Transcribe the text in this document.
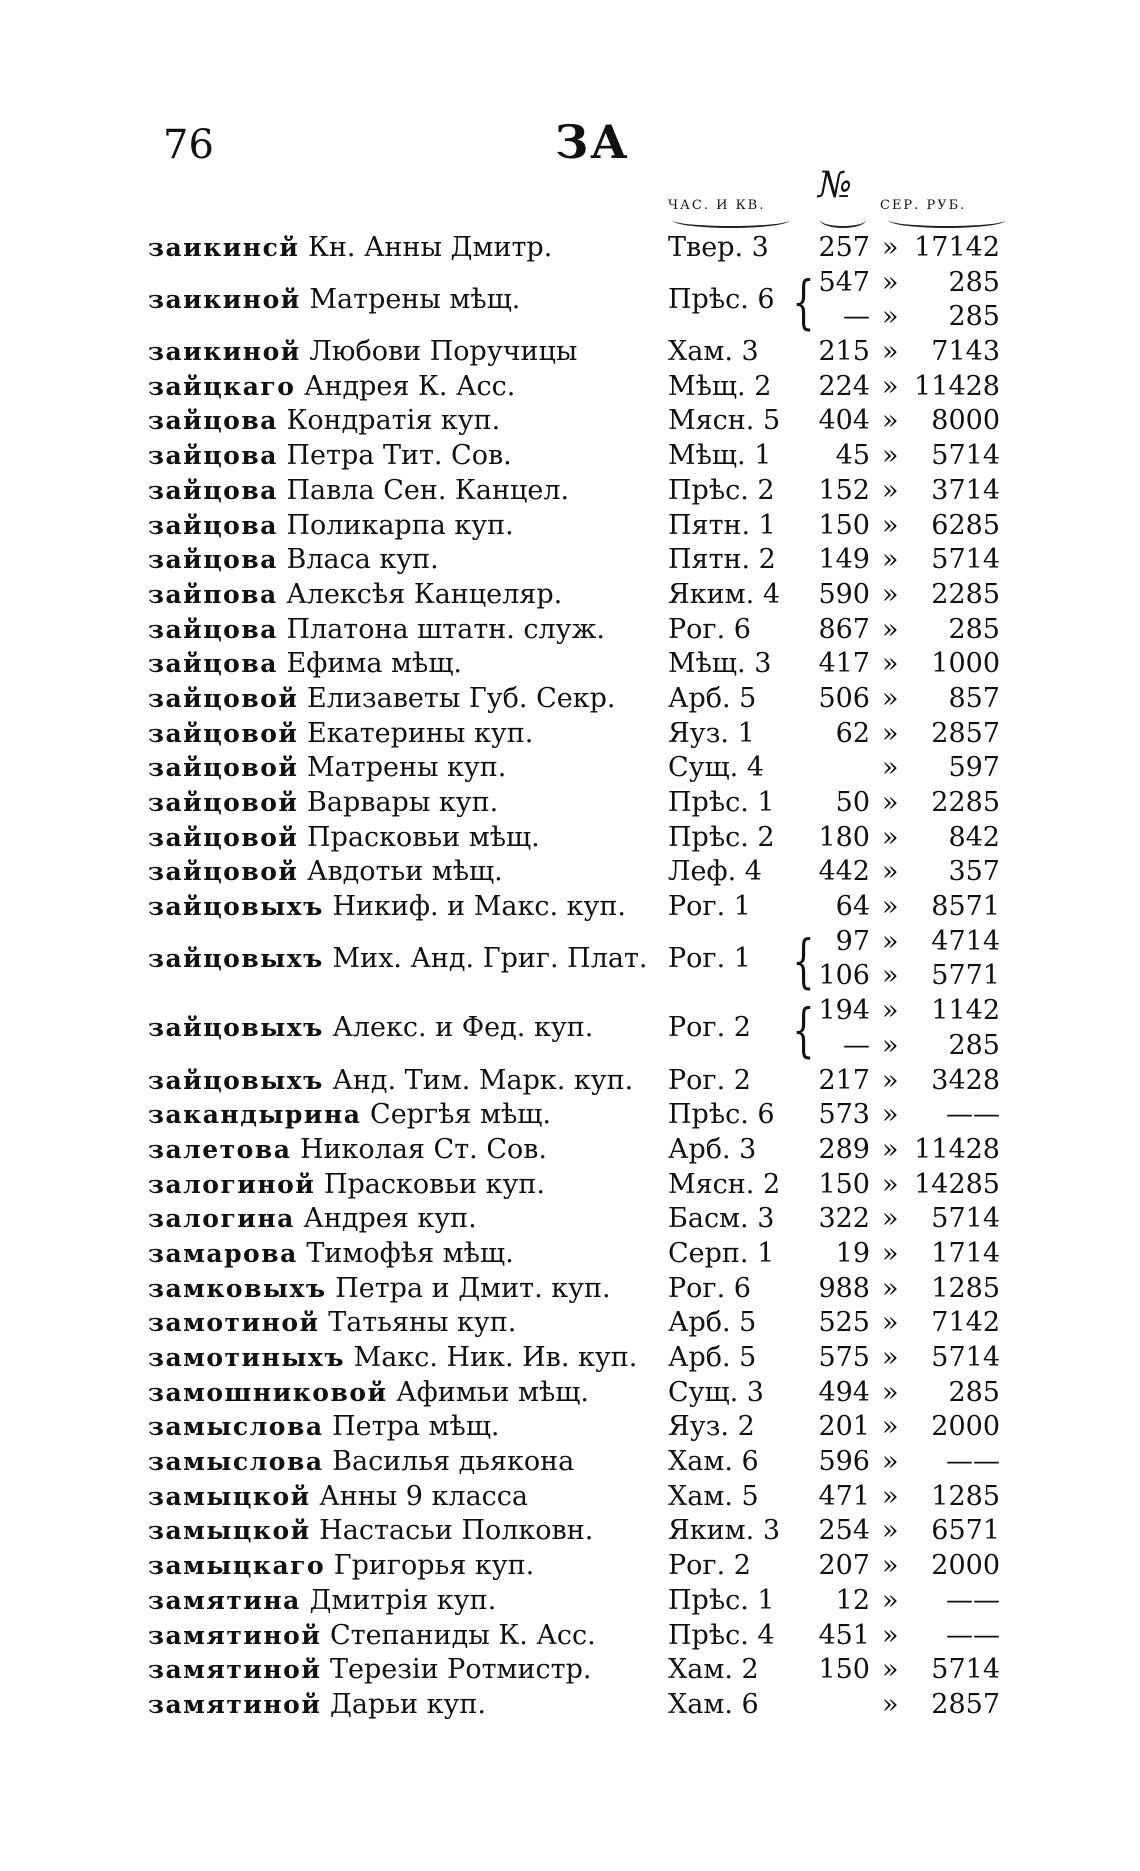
76	ЗА
ЧАС. И КВ. № СЕР. РУБ.
заикинсй Кн. Анны Дмитр.	Твер. 3	257 » 17142
заикиной Матрены мѣщ.	Прѣс. 6 { 547 »	285
— »	285
заикиной Любови Поручицы	Хам. 3	215 »	7143
зайцкаго Андрея К. Асс.	Мѣщ. 2	224 » 11428
зайцова Кондратія куп.	Мясн. 5	404 »	8000
зайцова Петра Тит. Сов.	Мѣщ. 1	45 »	5714
зайцова Павла Сен. Канцел.	Прѣс. 2	152 »	3714
зайцова Поликарпа куп.	Пятн. 1	150 »	6285
зайцова Власа куп.	Пятн. 2	149 »	5714
зайпова Алексѣя Канцеляр.	Яким. 4	590 »	2285
зайцова Платона штатн. служ. Рог. 6	867 »	285
зайцова Ефима мѣщ.	Мѣщ. 3	417 »	1000
зайцовой Елизаветы Губ. Секр. Арб. 5	506 »	857
зайцовой Екатерины куп.	Яуз. 1	62 »	2857
зайцовой Матрены куп.	Сущ. 4	»	597
зайцовой Варвары куп.	Прѣс. 1	50 »	2285
зайцовой Прасковьи мѣщ.	Прѣс. 2	180 »	842
зайцовой Авдотьи мѣщ.	Леф. 4	442 »	357
зайцовыхъ Никиф. и Макс. куп. Рог. 1	64 »	8571
зайцовыхъ Мих. Анд. Григ. Плат. Рог. 1 { 97 »	4714
106 »	5771
зайцовыхъ Алекс. и Фед. куп.	Рог. 2 { 194 »	1142
— »	285
зайцовыхъ Анд. Тим. Марк. куп. Рог. 2	217 »	3428
закандырина Сергѣя мѣщ.	Прѣс. 6	573 »	——
залетова Николая Ст. Сов.	Арб. 3	289 » 11428
залогиной Прасковьи куп.	Мясн. 2	150 » 14285
залогина Андрея куп.	Басм. 3	322 »	5714
замарова Тимофѣя мѣщ.	Серп. 1	19 »	1714
замковыхъ Петра и Дмит. куп. Рог. 6	988 »	1285
замотиной Татьяны куп.	Арб. 5	525 »	7142
замотиныхъ Макс. Ник. Ив. куп. Арб. 5	575 »	5714
замошниковой Афимьи мѣщ.	Сущ. 3	494 »	285
замыслова Петра мѣщ.	Яуз. 2	201 »	2000
замыслова Василья дьякона	Хам. 6	596 »	——
замыцкой Анны 9 класса	Хам. 5	471 »	1285
замыцкой Настасьи Полковн.	Яким. 3	254 »	6571
замыцкаго Григорья куп.	Рог. 2	207 »	2000
замятина Дмитрія куп.	Прѣс. 1	12 »	——
замятиной Степаниды К. Асс.	Прѣс. 4	451 »	——
замятиной Терезіи Ротмистр.	Хам. 2	150 »	5714
замятиной Дарьи куп.	Хам. 6	»	2857
